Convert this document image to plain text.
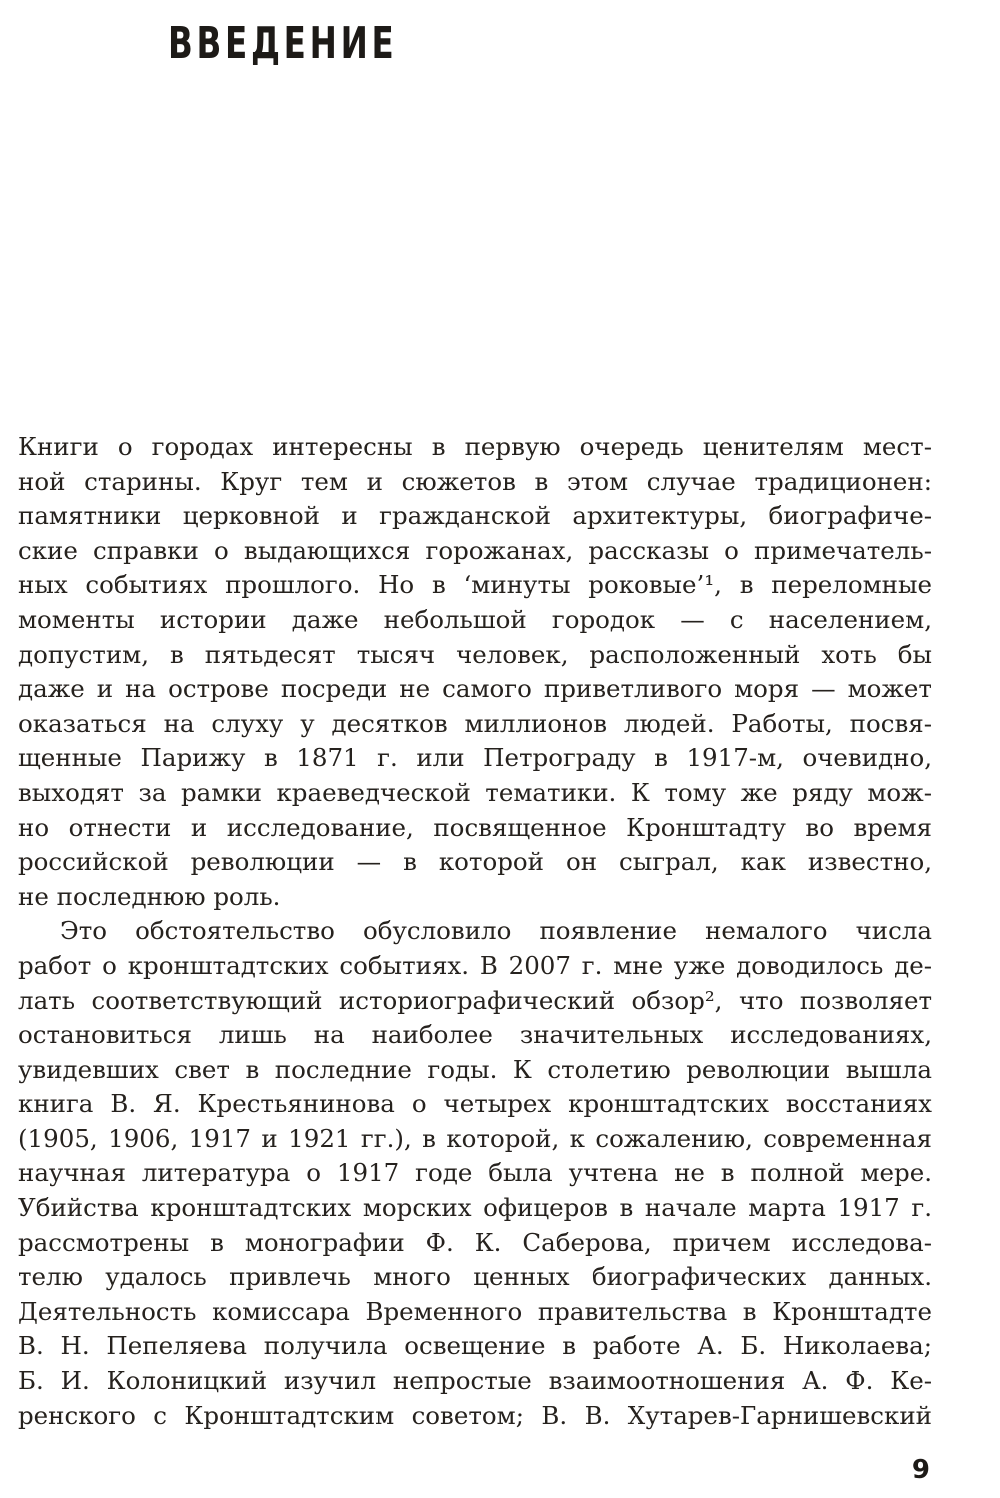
ВВЕДЕНИЕ
Книги о городах интересны в первую очередь ценителям мест-
ной старины. Круг тем и сюжетов в этом случае традиционен:
памятники церковной и гражданской архитектуры, биографиче-
ские справки о выдающихся горожанах, рассказы о примечатель-
ных событиях прошлого. Но в ‘минуты роковые’¹, в переломные
моменты истории даже небольшой городок — с населением,
допустим, в пятьдесят тысяч человек, расположенный хоть бы
даже и на острове посреди не самого приветливого моря — может
оказаться на слуху у десятков миллионов людей. Работы, посвя-
щенные Парижу в 1871 г. или Петрограду в 1917-м, очевидно,
выходят за рамки краеведческой тематики. К тому же ряду мож-
но отнести и исследование, посвященное Кронштадту во время
российской революции — в которой он сыграл, как известно,
не последнюю роль.
Это обстоятельство обусловило появление немалого числа
работ о кронштадтских событиях. В 2007 г. мне уже доводилось де-
лать соответствующий историографический обзор², что позволяет
остановиться лишь на наиболее значительных исследованиях,
увидевших свет в последние годы. К столетию революции вышла
книга В. Я. Крестьянинова о четырех кронштадтских восстаниях
(1905, 1906, 1917 и 1921 гг.), в которой, к сожалению, современная
научная литература о 1917 годе была учтена не в полной мере.
Убийства кронштадтских морских офицеров в начале марта 1917 г.
рассмотрены в монографии Ф. К. Саберова, причем исследова-
телю удалось привлечь много ценных биографических данных.
Деятельность комиссара Временного правительства в Кронштадте
В. Н. Пепеляева получила освещение в работе А. Б. Николаева;
Б. И. Колоницкий изучил непростые взаимоотношения А. Ф. Ке-
ренского с Кронштадтским советом; В. В. Хутарев-Гарнишевский
9
